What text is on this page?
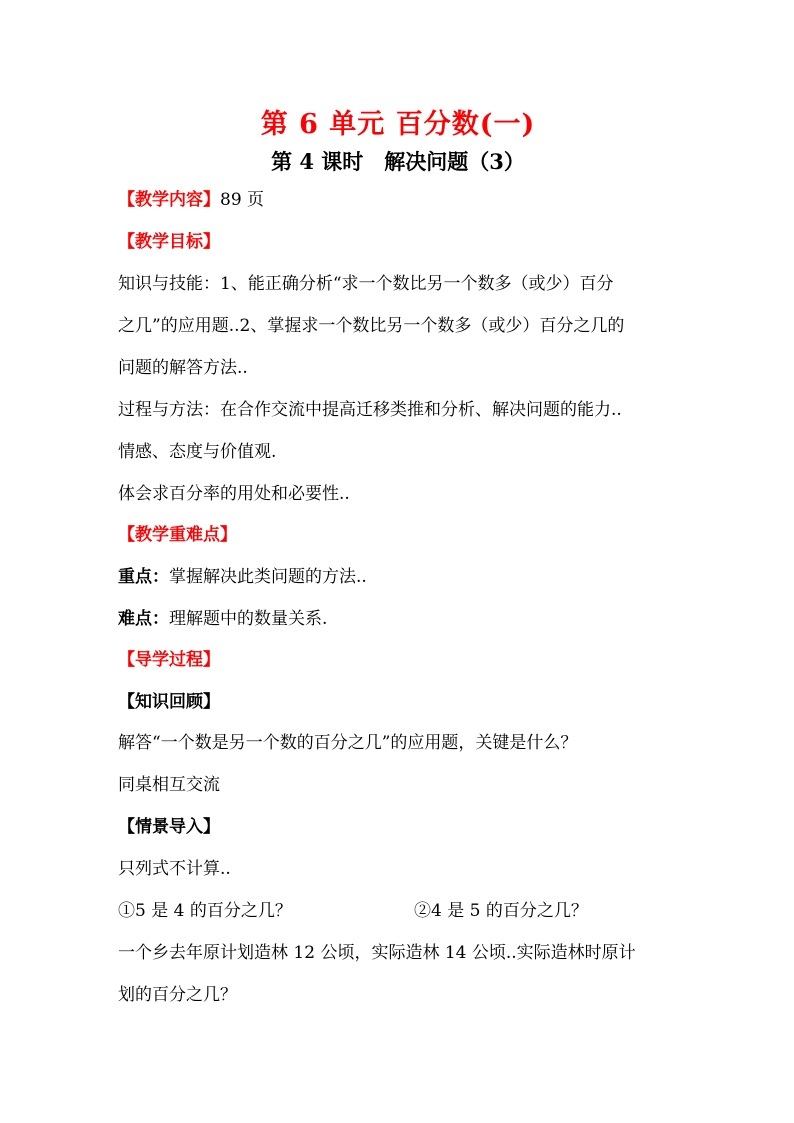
第 6 单元 百分数(一)
第 4 课时　解决问题（3）
【教学内容】89 页
【教学目标】
知识与技能：1、能正确分析“求一个数比另一个数多（或少）百分
之几”的应用题..2、掌握求一个数比另一个数多（或少）百分之几的
问题的解答方法..
过程与方法：在合作交流中提高迁移类推和分析、解决问题的能力..
情感、态度与价值观.
体会求百分率的用处和必要性..
【教学重难点】
重点：掌握解决此类问题的方法..
难点：理解题中的数量关系.
【导学过程】
【知识回顾】
解答“一个数是另一个数的百分之几”的应用题，关键是什么？
同桌相互交流
【情景导入】
只列式不计算..
①5 是 4 的百分之几？	②4 是 5 的百分之几？
一个乡去年原计划造林 12 公顷，实际造林 14 公顷..实际造林时原计
划的百分之几？
